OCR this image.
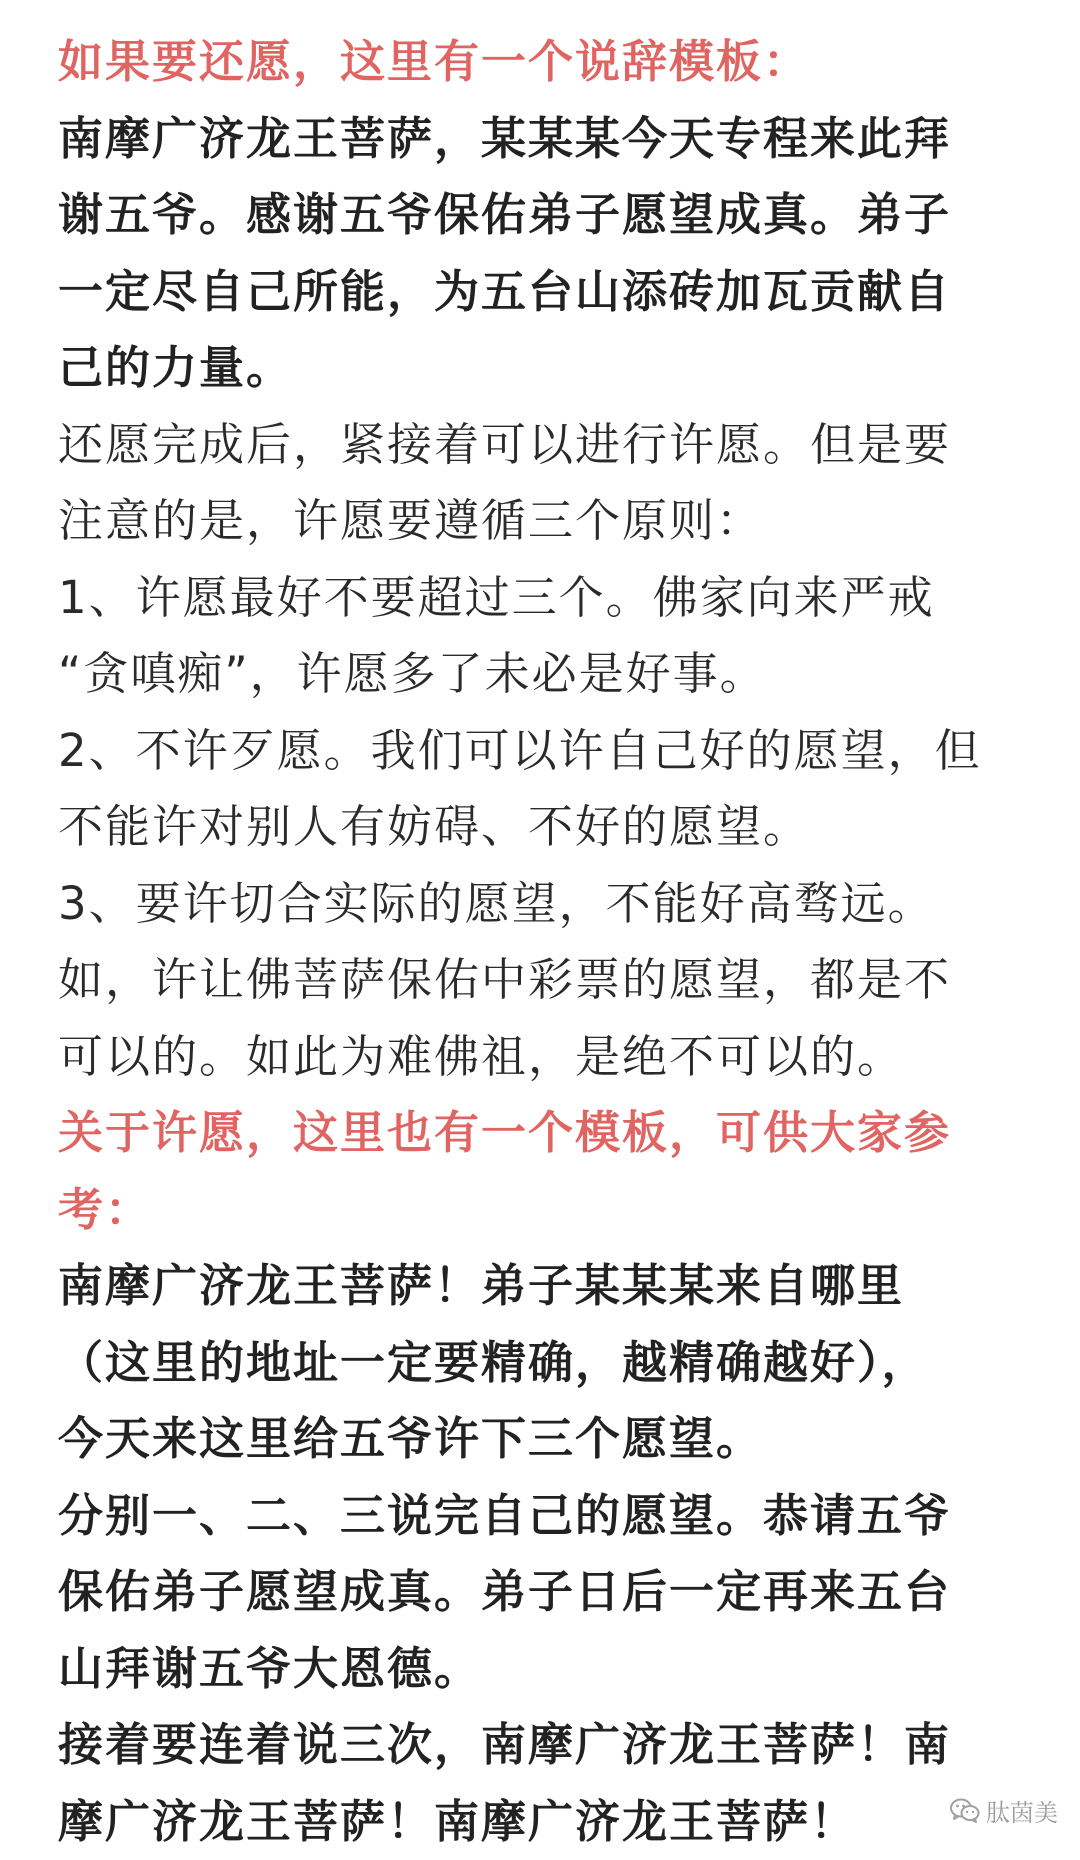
如果要还愿，这里有一个说辞模板：
南摩广济龙王菩萨，某某某今天专程来此拜
谢五爷。感谢五爷保佑弟子愿望成真。弟子
一定尽自己所能，为五台山添砖加瓦贡献自
己的力量。
还愿完成后，紧接着可以进行许愿。但是要
注意的是，许愿要遵循三个原则：
1、许愿最好不要超过三个。佛家向来严戒
“贪嗔痴”，许愿多了未必是好事。
2、不许歹愿。我们可以许自己好的愿望，但
不能许对别人有妨碍、不好的愿望。
3、要许切合实际的愿望，不能好高骛远。
如，许让佛菩萨保佑中彩票的愿望，都是不
可以的。如此为难佛祖，是绝不可以的。
关于许愿，这里也有一个模板，可供大家参
考：
南摩广济龙王菩萨！弟子某某某来自哪里
（这里的地址一定要精确，越精确越好），
今天来这里给五爷许下三个愿望。
分别一、二、三说完自己的愿望。恭请五爷
保佑弟子愿望成真。弟子日后一定再来五台
山拜谢五爷大恩德。
接着要连着说三次，南摩广济龙王菩萨！南
摩广济龙王菩萨！南摩广济龙王菩萨！	肽茵美
